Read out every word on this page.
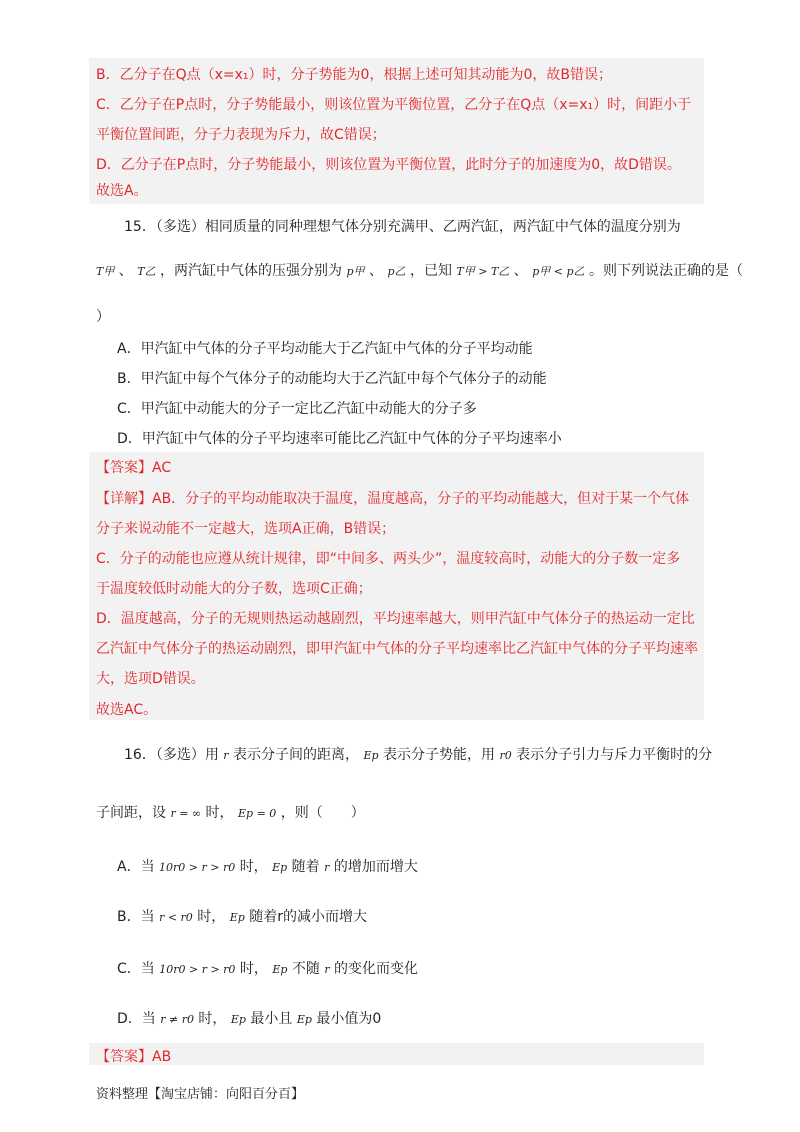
B．乙分子在Q点（x=x₁）时，分子势能为0，根据上述可知其动能为0，故B错误；
C．乙分子在P点时，分子势能最小，则该位置为平衡位置，乙分子在Q点（x=x₁）时，间距小于
平衡位置间距，分子力表现为斥力，故C错误；
D．乙分子在P点时，分子势能最小，则该位置为平衡位置，此时分子的加速度为0，故D错误。
故选A。
15．（多选）相同质量的同种理想气体分别充满甲、乙两汽缸，两汽缸中气体的温度分别为
T甲 、 T乙 ，两汽缸中气体的压强分别为 p甲 、 p乙 ，已知 T甲 > T乙 、 p甲 < p乙 。则下列说法正确的是（
）
A．甲汽缸中气体的分子平均动能大于乙汽缸中气体的分子平均动能
B．甲汽缸中每个气体分子的动能均大于乙汽缸中每个气体分子的动能
C．甲汽缸中动能大的分子一定比乙汽缸中动能大的分子多
D．甲汽缸中气体的分子平均速率可能比乙汽缸中气体的分子平均速率小
【答案】AC
【详解】AB．分子的平均动能取决于温度，温度越高，分子的平均动能越大，但对于某一个气体
分子来说动能不一定越大，选项A正确，B错误；
C．分子的动能也应遵从统计规律，即“中间多、两头少”，温度较高时，动能大的分子数一定多
于温度较低时动能大的分子数，选项C正确；
D．温度越高，分子的无规则热运动越剧烈，平均速率越大，则甲汽缸中气体分子的热运动一定比
乙汽缸中气体分子的热运动剧烈，即甲汽缸中气体的分子平均速率比乙汽缸中气体的分子平均速率
大，选项D错误。
故选AC。
16．（多选）用 r 表示分子间的距离， Ep 表示分子势能，用 r0 表示分子引力与斥力平衡时的分
子间距，设 r = ∞ 时， Ep = 0 ，则（　　）
A．当 10r0 > r > r0 时， Ep 随着 r 的增加而增大
B．当 r < r0 时， Ep 随着r的减小而增大
C．当 10r0 > r > r0 时， Ep 不随 r 的变化而变化
D．当 r ≠ r0 时， Ep 最小且 Ep 最小值为0
【答案】AB
资料整理【淘宝店铺：向阳百分百】
